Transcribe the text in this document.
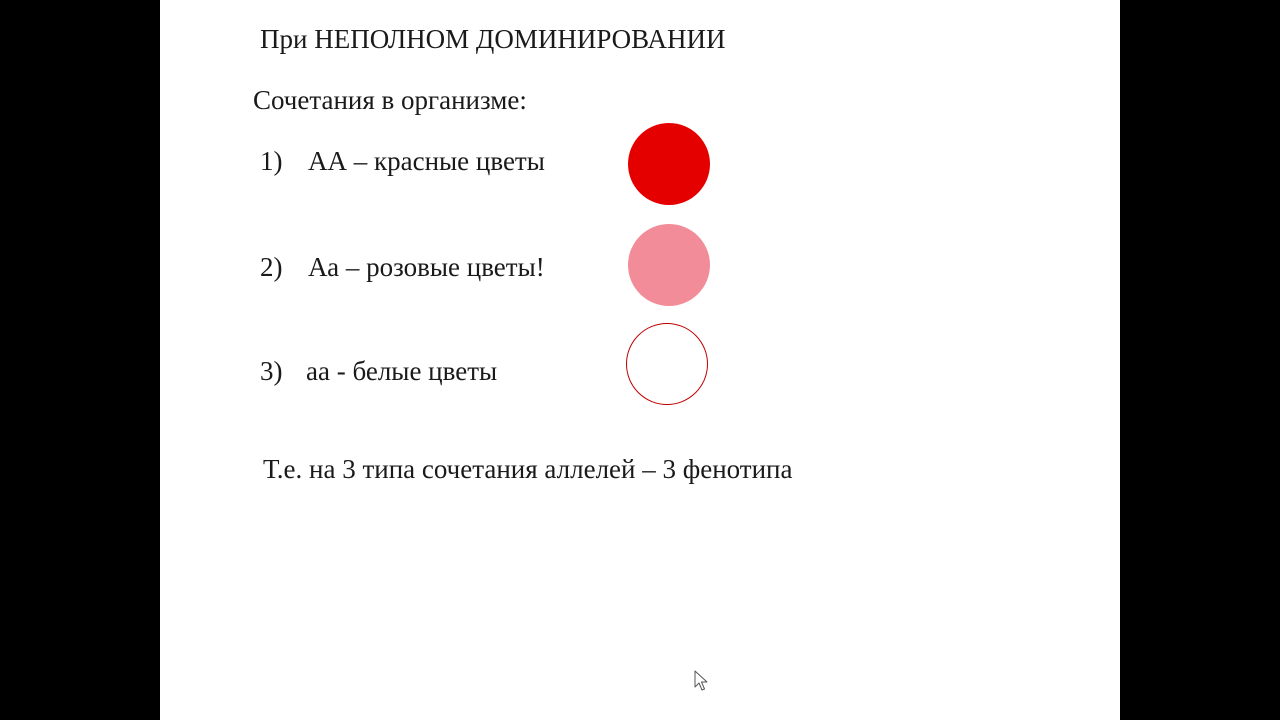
При НЕПОЛНОМ ДОМИНИРОВАНИИ
Сочетания в организме:
1) АА – красные цветы
2) Аа – розовые цветы!
3) аа - белые цветы
Т.е. на 3 типа сочетания аллелей – 3 фенотипа
